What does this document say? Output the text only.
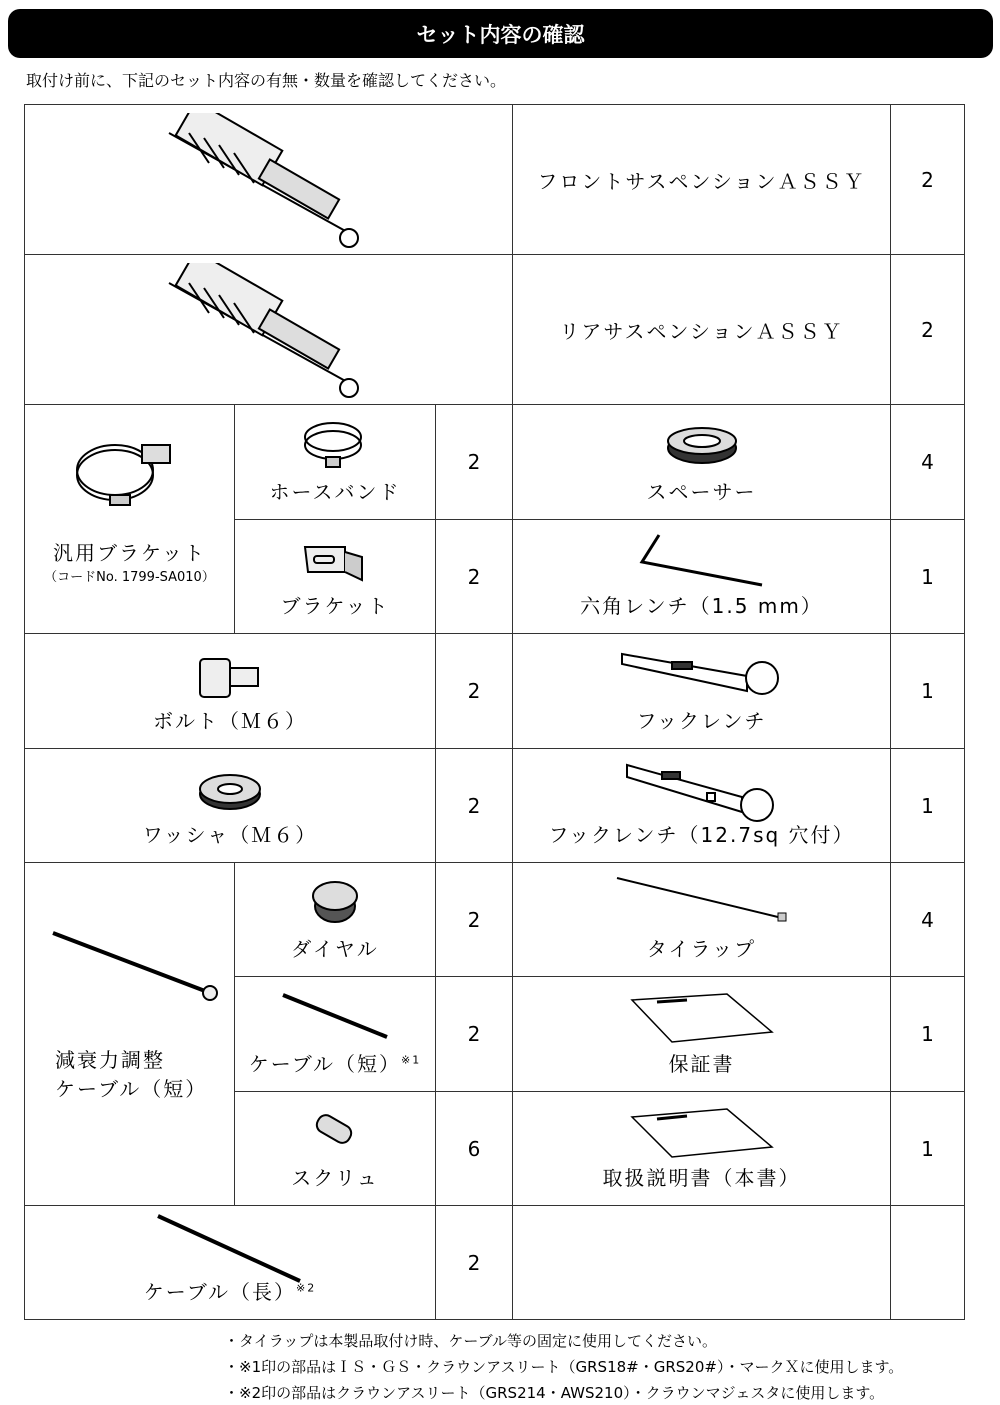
セット内容の確認
取付け前に、下記のセット内容の有無・数量を確認してください。
フロントサスペンションＡＳＳＹ	2
リアサスペンションＡＳＳＹ	2
汎用ブラケット
（コードNo. 1799-SA010）
ホースバンド
2
スペーサー
4
ブラケット
2
六角レンチ（1.5 mm）
1
ボルト（Ｍ６）
2
フックレンチ
1
ワッシャ（Ｍ６）
2
フックレンチ（12.7sq 穴付）
1
減衰力調整
ケーブル（短）
ダイヤル
2
タイラップ
4
ケーブル（短）$^{※1}$
2
保証書
1
スクリュ
6
取扱説明書（本書）
1
ケーブル（長）$^{※2}$
2
・タイラップは本製品取付け時、ケーブル等の固定に使用してください。
・※1印の部品はＩＳ・ＧＳ・クラウンアスリート（GRS18#・GRS20#）・マークＸに使用します。
・※2印の部品はクラウンアスリート（GRS214・AWS210）・クラウンマジェスタに使用します。
